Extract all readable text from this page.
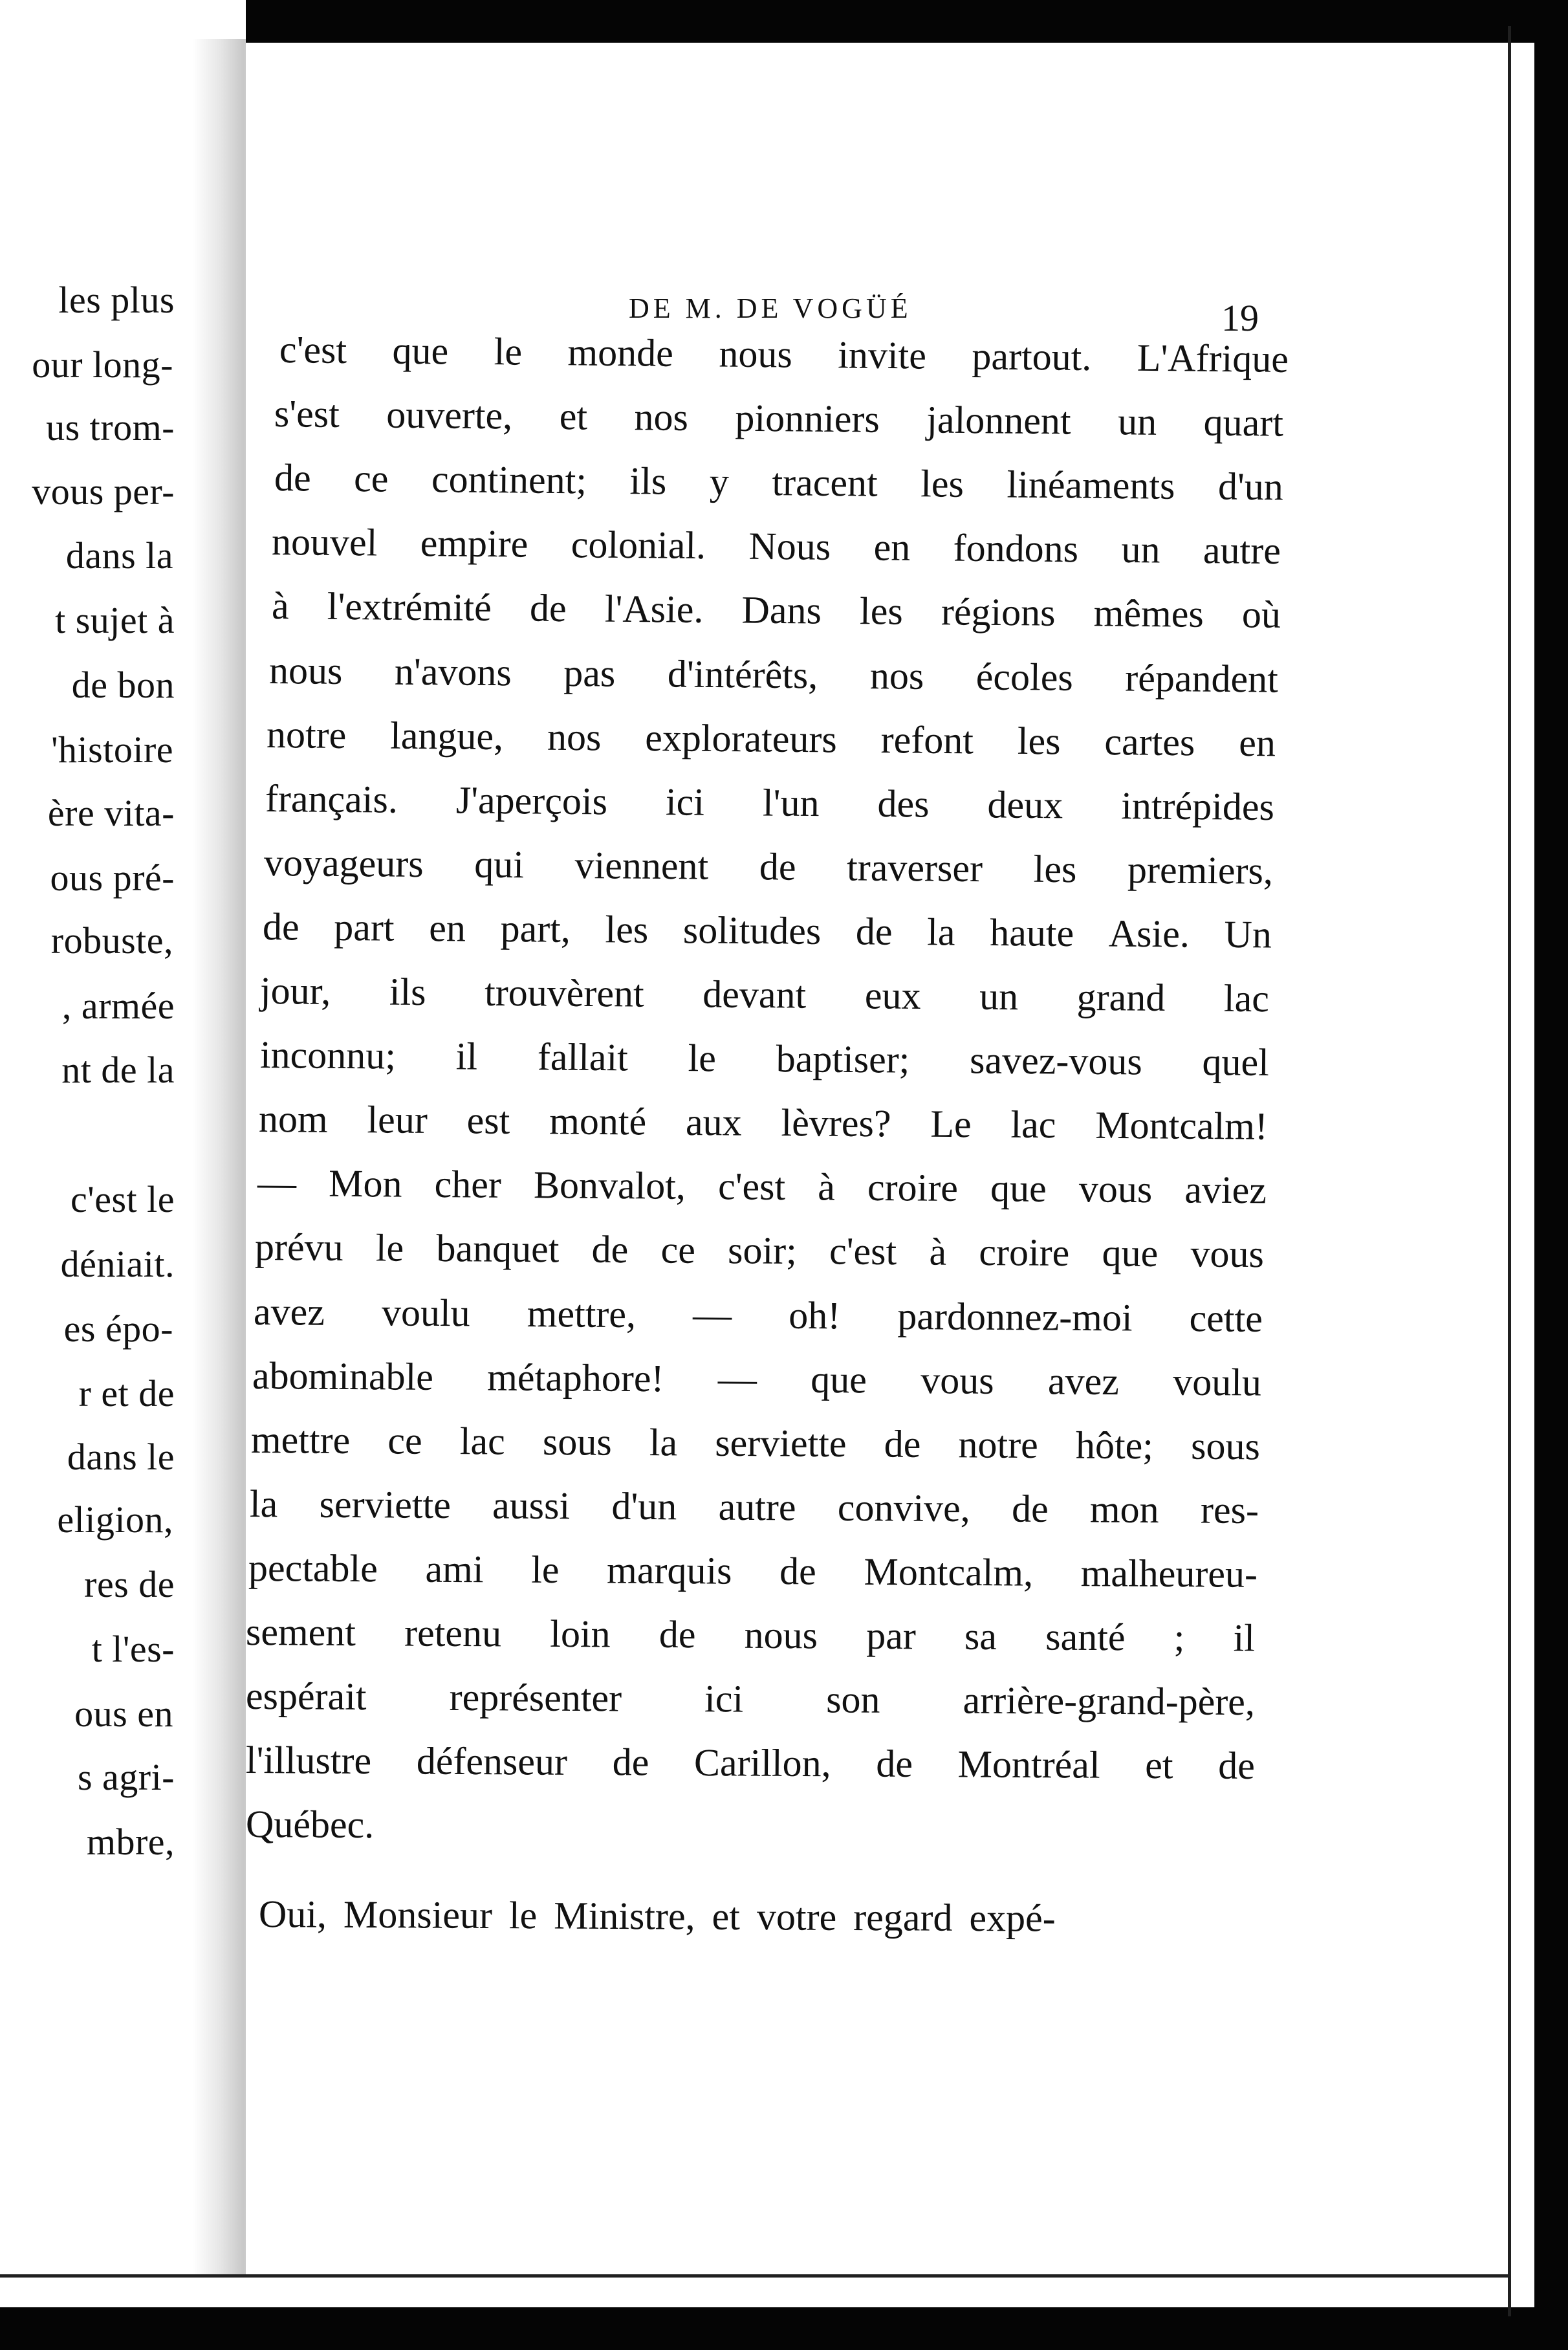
les plus
our long-
us trom-
vous per-
dans la
t sujet à
de bon
'histoire
ère vita-
ous pré-
robuste,
, armée
nt de la
c'est le
déniait.
es épo-
r et de
dans le
eligion,
res de
t l'es-
ous en
s agri-
mbre,
DE M. DE VOGÜÉ	19
c'est que le monde nous invite partout. L'Afrique
s'est ouverte, et nos pionniers jalonnent un quart
de ce continent; ils y tracent les linéaments d'un
nouvel empire colonial. Nous en fondons un autre
à l'extrémité de l'Asie. Dans les régions mêmes où
nous n'avons pas d'intérêts, nos écoles répandent
notre langue, nos explorateurs refont les cartes en
français. J'aperçois ici l'un des deux intrépides
voyageurs qui viennent de traverser les premiers,
de part en part, les solitudes de la haute Asie. Un
jour, ils trouvèrent devant eux un grand lac
inconnu; il fallait le baptiser; savez-vous quel
nom leur est monté aux lèvres? Le lac Montcalm!
— Mon cher Bonvalot, c'est à croire que vous aviez
prévu le banquet de ce soir; c'est à croire que vous
avez voulu mettre, — oh! pardonnez-moi cette
abominable métaphore! — que vous avez voulu
mettre ce lac sous la serviette de notre hôte; sous
la serviette aussi d'un autre convive, de mon res-
pectable ami le marquis de Montcalm, malheureu-
sement retenu loin de nous par sa santé ; il
espérait représenter ici son arrière-grand-père,
l'illustre défenseur de Carillon, de Montréal et de
Québec.
Oui, Monsieur le Ministre, et votre regard expé-
